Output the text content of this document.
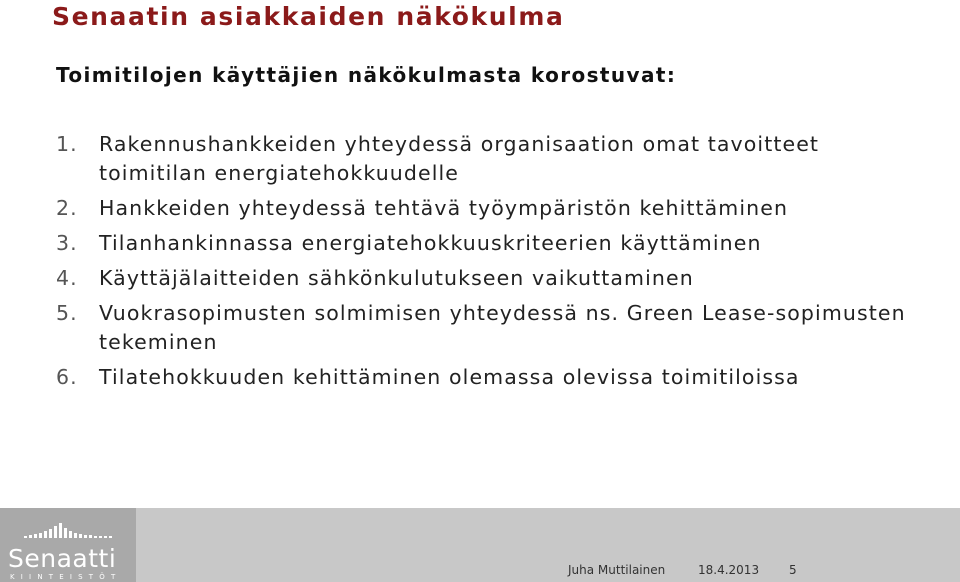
Senaatin asiakkaiden näkökulma
Toimitilojen käyttäjien näkökulmasta korostuvat:
1. Rakennushankkeiden yhteydessä organisaation omat tavoitteet toimitilan energiatehokkuudelle
2. Hankkeiden yhteydessä tehtävä työympäristön kehittäminen
3. Tilanhankinnassa energiatehokkuuskriteerien käyttäminen
4. Käyttäjälaitteiden sähkönkulutukseen vaikuttaminen
5. Vuokrasopimusten solmimisen yhteydessä ns. Green Lease-sopimusten tekeminen
6. Tilatehokkuuden kehittäminen olemassa olevissa toimitiloissa
Senaatti
KIINTEISTÖT	Juha Muttilainen	18.4.2013 5
